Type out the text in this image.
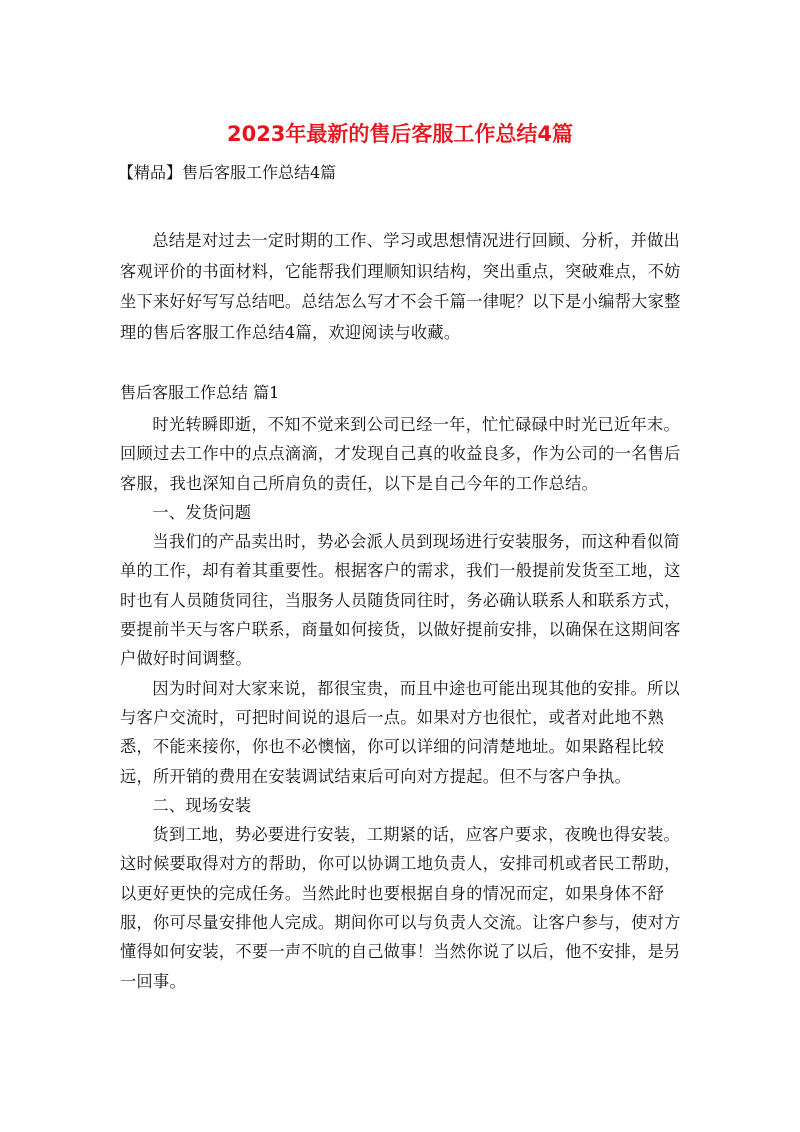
2023年最新的售后客服工作总结4篇

【精品】售后客服工作总结4篇

总结是对过去一定时期的工作、学习或思想情况进行回顾、分析，并做出客观评价的书面材料，它能帮我们理顺知识结构，突出重点，突破难点，不妨坐下来好好写写总结吧。总结怎么写才不会千篇一律呢？以下是小编帮大家整理的售后客服工作总结4篇，欢迎阅读与收藏。

售后客服工作总结 篇1

时光转瞬即逝，不知不觉来到公司已经一年，忙忙碌碌中时光已近年末。回顾过去工作中的点点滴滴，才发现自己真的收益良多，作为公司的一名售后客服，我也深知自己所肩负的责任，以下是自己今年的工作总结。

一、发货问题

当我们的产品卖出时，势必会派人员到现场进行安装服务，而这种看似简单的工作，却有着其重要性。根据客户的需求，我们一般提前发货至工地，这时也有人员随货同往，当服务人员随货同往时，务必确认联系人和联系方式，要提前半天与客户联系，商量如何接货，以做好提前安排，以确保在这期间客户做好时间调整。

因为时间对大家来说，都很宝贵，而且中途也可能出现其他的安排。所以与客户交流时，可把时间说的退后一点。如果对方也很忙，或者对此地不熟悉，不能来接你，你也不必懊恼，你可以详细的问清楚地址。如果路程比较远，所开销的费用在安装调试结束后可向对方提起。但不与客户争执。

二、现场安装

货到工地，势必要进行安装，工期紧的话，应客户要求，夜晚也得安装。这时候要取得对方的帮助，你可以协调工地负责人，安排司机或者民工帮助，以更好更快的完成任务。当然此时也要根据自身的情况而定，如果身体不舒服，你可尽量安排他人完成。期间你可以与负责人交流。让客户参与，使对方懂得如何安装，不要一声不吭的自己做事！当然你说了以后，他不安排，是另一回事。
